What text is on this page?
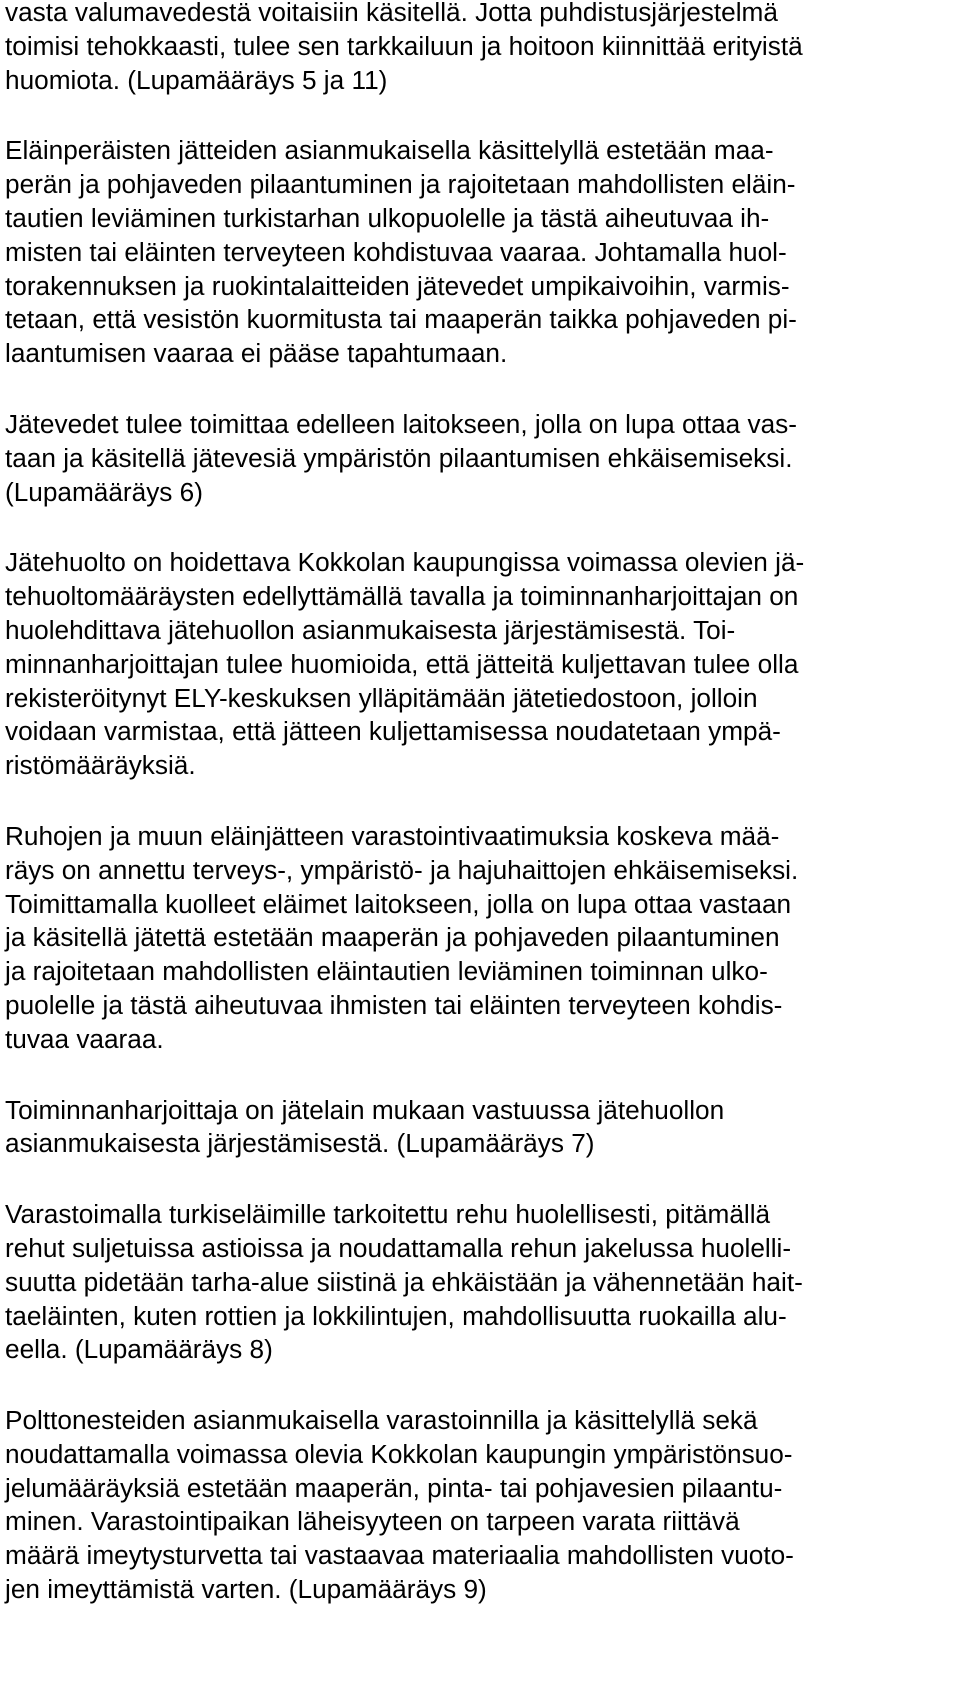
vasta valumavedestä voitaisiin käsitellä. Jotta puhdistusjärjestelmä
toimisi tehokkaasti, tulee sen tarkkailuun ja hoitoon kiinnittää erityistä
huomiota. (Lupamääräys 5 ja 11)
Eläinperäisten jätteiden asianmukaisella käsittelyllä estetään maa-
perän ja pohjaveden pilaantuminen ja rajoitetaan mahdollisten eläin-
tautien leviäminen turkistarhan ulkopuolelle ja tästä aiheutuvaa ih-
misten tai eläinten terveyteen kohdistuvaa vaaraa. Johtamalla huol-
torakennuksen ja ruokintalaitteiden jätevedet umpikaivoihin, varmis-
tetaan, että vesistön kuormitusta tai maaperän taikka pohjaveden pi-
laantumisen vaaraa ei pääse tapahtumaan.
Jätevedet tulee toimittaa edelleen laitokseen, jolla on lupa ottaa vas-
taan ja käsitellä jätevesiä ympäristön pilaantumisen ehkäisemiseksi.
(Lupamääräys 6)
Jätehuolto on hoidettava Kokkolan kaupungissa voimassa olevien jä-
tehuoltomääräysten edellyttämällä tavalla ja toiminnanharjoittajan on
huolehdittava jätehuollon asianmukaisesta järjestämisestä. Toi-
minnanharjoittajan tulee huomioida, että jätteitä kuljettavan tulee olla
rekisteröitynyt ELY-keskuksen ylläpitämään jätetiedostoon, jolloin
voidaan varmistaa, että jätteen kuljettamisessa noudatetaan ympä-
ristömääräyksiä.
Ruhojen ja muun eläinjätteen varastointivaatimuksia koskeva mää-
räys on annettu terveys-, ympäristö- ja hajuhaittojen ehkäisemiseksi.
Toimittamalla kuolleet eläimet laitokseen, jolla on lupa ottaa vastaan
ja käsitellä jätettä estetään maaperän ja pohjaveden pilaantuminen
ja rajoitetaan mahdollisten eläintautien leviäminen toiminnan ulko-
puolelle ja tästä aiheutuvaa ihmisten tai eläinten terveyteen kohdis-
tuvaa vaaraa.
Toiminnanharjoittaja on jätelain mukaan vastuussa jätehuollon
asianmukaisesta järjestämisestä. (Lupamääräys 7)
Varastoimalla turkiseläimille tarkoitettu rehu huolellisesti, pitämällä
rehut suljetuissa astioissa ja noudattamalla rehun jakelussa huolelli-
suutta pidetään tarha-alue siistinä ja ehkäistään ja vähennetään hait-
taeläinten, kuten rottien ja lokkilintujen, mahdollisuutta ruokailla alu-
eella. (Lupamääräys 8)
Polttonesteiden asianmukaisella varastoinnilla ja käsittelyllä sekä
noudattamalla voimassa olevia Kokkolan kaupungin ympäristönsuo-
jelumääräyksiä estetään maaperän, pinta- tai pohjavesien pilaantu-
minen. Varastointipaikan läheisyyteen on tarpeen varata riittävä
määrä imeytysturvetta tai vastaavaa materiaalia mahdollisten vuoto-
jen imeyttämistä varten. (Lupamääräys 9)
